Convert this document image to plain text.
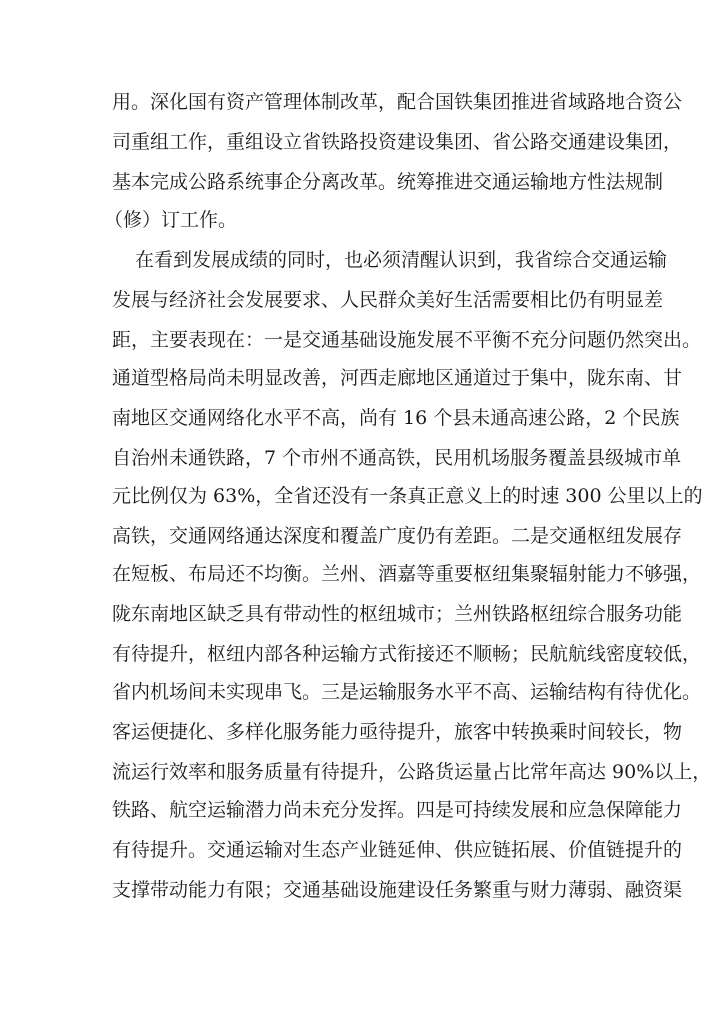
用。深化国有资产管理体制改革，配合国铁集团推进省域路地合资公
司重组工作，重组设立省铁路投资建设集团、省公路交通建设集团，
基本完成公路系统事企分离改革。统筹推进交通运输地方性法规制
（修）订工作。
在看到发展成绩的同时，也必须清醒认识到，我省综合交通运输
发展与经济社会发展要求、人民群众美好生活需要相比仍有明显差
距，主要表现在：一是交通基础设施发展不平衡不充分问题仍然突出。
通道型格局尚未明显改善，河西走廊地区通道过于集中，陇东南、甘
南地区交通网络化水平不高，尚有 16 个县未通高速公路，2 个民族
自治州未通铁路，7 个市州不通高铁，民用机场服务覆盖县级城市单
元比例仅为 63%，全省还没有一条真正意义上的时速 300 公里以上的
高铁，交通网络通达深度和覆盖广度仍有差距。二是交通枢纽发展存
在短板、布局还不均衡。兰州、酒嘉等重要枢纽集聚辐射能力不够强，
陇东南地区缺乏具有带动性的枢纽城市；兰州铁路枢纽综合服务功能
有待提升，枢纽内部各种运输方式衔接还不顺畅；民航航线密度较低，
省内机场间未实现串飞。三是运输服务水平不高、运输结构有待优化。
客运便捷化、多样化服务能力亟待提升，旅客中转换乘时间较长，物
流运行效率和服务质量有待提升，公路货运量占比常年高达 90%以上，
铁路、航空运输潜力尚未充分发挥。四是可持续发展和应急保障能力
有待提升。交通运输对生态产业链延伸、供应链拓展、价值链提升的
支撑带动能力有限；交通基础设施建设任务繁重与财力薄弱、融资渠
